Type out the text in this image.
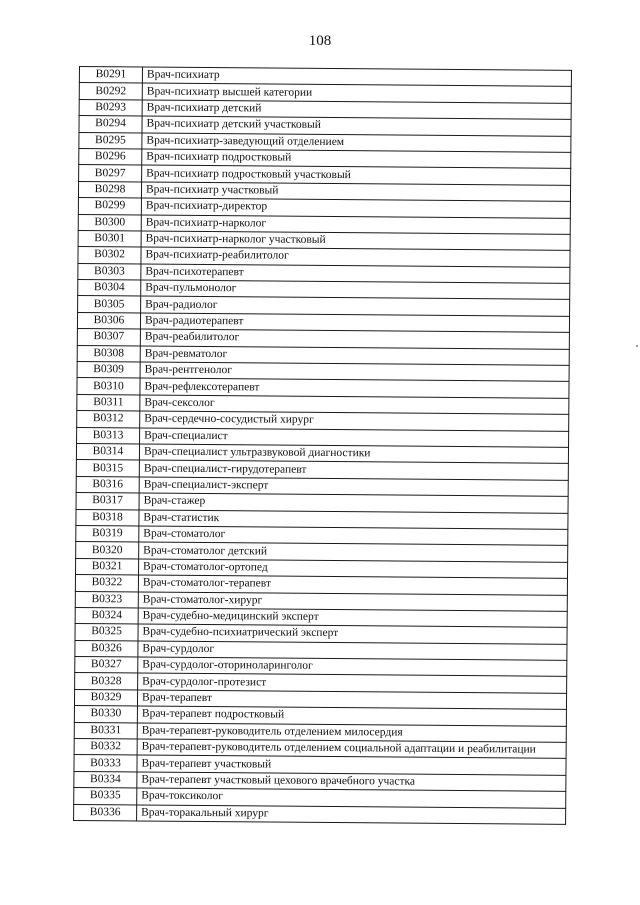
108
B0291	Врач-психиатр
B0292	Врач-психиатр высшей категории
B0293	Врач-психиатр детский
B0294	Врач-психиатр детский участковый
B0295	Врач-психиатр-заведующий отделением
B0296	Врач-психиатр подростковый
B0297	Врач-психиатр подростковый участковый
B0298	Врач-психиатр участковый
B0299	Врач-психиатр-директор
B0300	Врач-психиатр-нарколог
B0301	Врач-психиатр-нарколог участковый
B0302	Врач-психиатр-реабилитолог
B0303	Врач-психотерапевт
B0304	Врач-пульмонолог
B0305	Врач-радиолог
B0306	Врач-радиотерапевт
B0307	Врач-реабилитолог
B0308	Врач-ревматолог
B0309	Врач-рентгенолог
B0310	Врач-рефлексотерапевт
B0311	Врач-сексолог
B0312	Врач-сердечно-сосудистый хирург
B0313	Врач-специалист
B0314	Врач-специалист ультразвуковой диагностики
B0315	Врач-специалист-гирудотерапевт
B0316	Врач-специалист-эксперт
B0317	Врач-стажер
B0318	Врач-статистик
B0319	Врач-стоматолог
B0320	Врач-стоматолог детский
B0321	Врач-стоматолог-ортопед
B0322	Врач-стоматолог-терапевт
B0323	Врач-стоматолог-хирург
B0324	Врач-судебно-медицинский эксперт
B0325	Врач-судебно-психиатрический эксперт
B0326	Врач-сурдолог
B0327	Врач-сурдолог-оториноларинголог
B0328	Врач-сурдолог-протезист
B0329	Врач-терапевт
B0330	Врач-терапевт подростковый
B0331	Врач-терапевт-руководитель отделением милосердия
B0332	Врач-терапевт-руководитель отделением социальной адаптации и реабилитации
B0333	Врач-терапевт участковый
B0334	Врач-терапевт участковый цехового врачебного участка
B0335	Врач-токсиколог
B0336	Врач-торакальный хирург
